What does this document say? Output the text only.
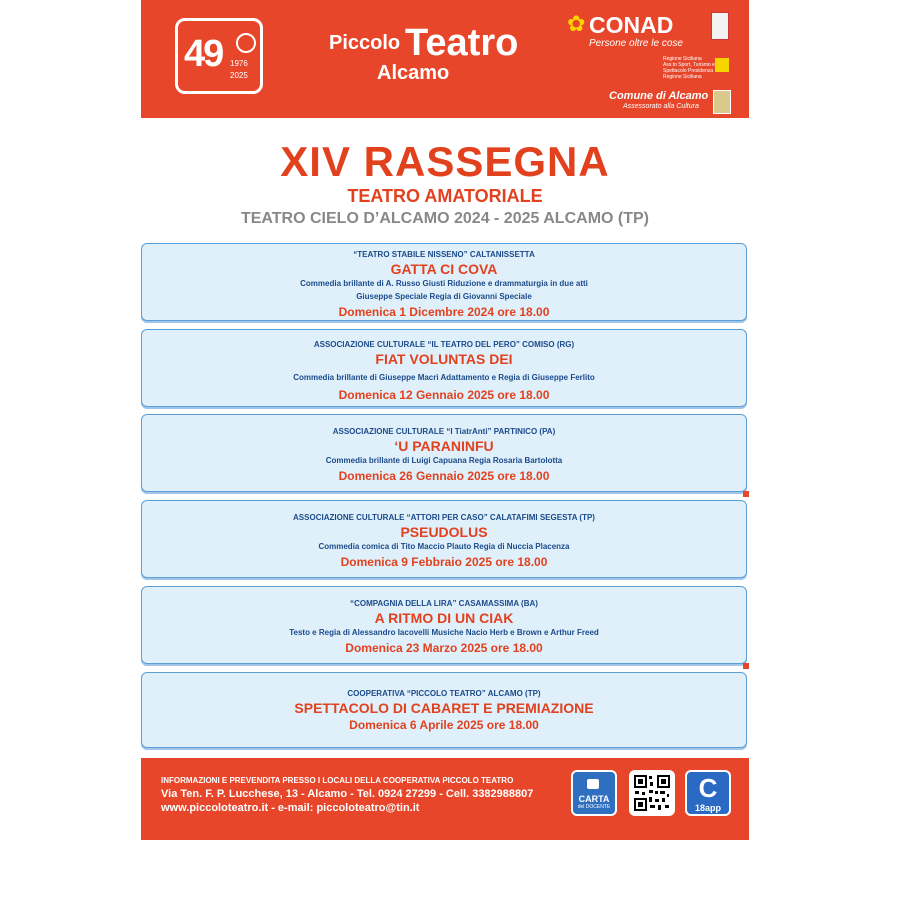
49 1976
2025
Piccolo Teatro
Alcamo
✿ CONAD
Persone oltre le cose
Regione Siciliana Ass.to Sport, Turismo e Spettacolo Presidenza Regione Siciliana
Comune di Alcamo
Assessorato alla Cultura
XIV RASSEGNA
TEATRO AMATORIALE
TEATRO CIELO D’ALCAMO 2024 - 2025 ALCAMO (TP)
“TEATRO STABILE NISSENO” CALTANISSETTA
GATTA CI COVA
Commedia brillante di A. Russo Giusti Riduzione e drammaturgia in due atti
Giuseppe Speciale Regia di Giovanni Speciale
Domenica 1 Dicembre 2024 ore 18.00
ASSOCIAZIONE CULTURALE “IL TEATRO DEL PERO” COMISO (RG)
FIAT VOLUNTAS DEI
Commedia brillante di Giuseppe Macrì Adattamento e Regia di Giuseppe Ferlito
Domenica 12 Gennaio 2025 ore 18.00
ASSOCIAZIONE CULTURALE “I TiatrAnti” PARTINICO (PA)
‘U PARANINFU
Commedia brillante di Luigi Capuana Regia Rosaria Bartolotta
Domenica 26 Gennaio 2025 ore 18.00
ASSOCIAZIONE CULTURALE “ATTORI PER CASO” CALATAFIMI SEGESTA (TP)
PSEUDOLUS
Commedia comica di Tito Maccio Plauto Regia di Nuccia Placenza
Domenica 9 Febbraio 2025 ore 18.00
“COMPAGNIA DELLA LIRA” CASAMASSIMA (BA)
A RITMO DI UN CIAK
Testo e Regia di Alessandro Iacovelli Musiche Nacio Herb e Brown e Arthur Freed
Domenica 23 Marzo 2025 ore 18.00
COOPERATIVA “PICCOLO TEATRO” ALCAMO (TP)
SPETTACOLO DI CABARET E PREMIAZIONE
Domenica 6 Aprile 2025 ore 18.00
INFORMAZIONI E PREVENDITA PRESSO I LOCALI DELLA COOPERATIVA PICCOLO TEATRO
Via Ten. F. P. Lucchese, 13 - Alcamo - Tel. 0924 27299 - Cell. 3382988807
www.piccoloteatro.it - e-mail: piccoloteatro@tin.it
CARTA
del DOCENTE
C
18app
